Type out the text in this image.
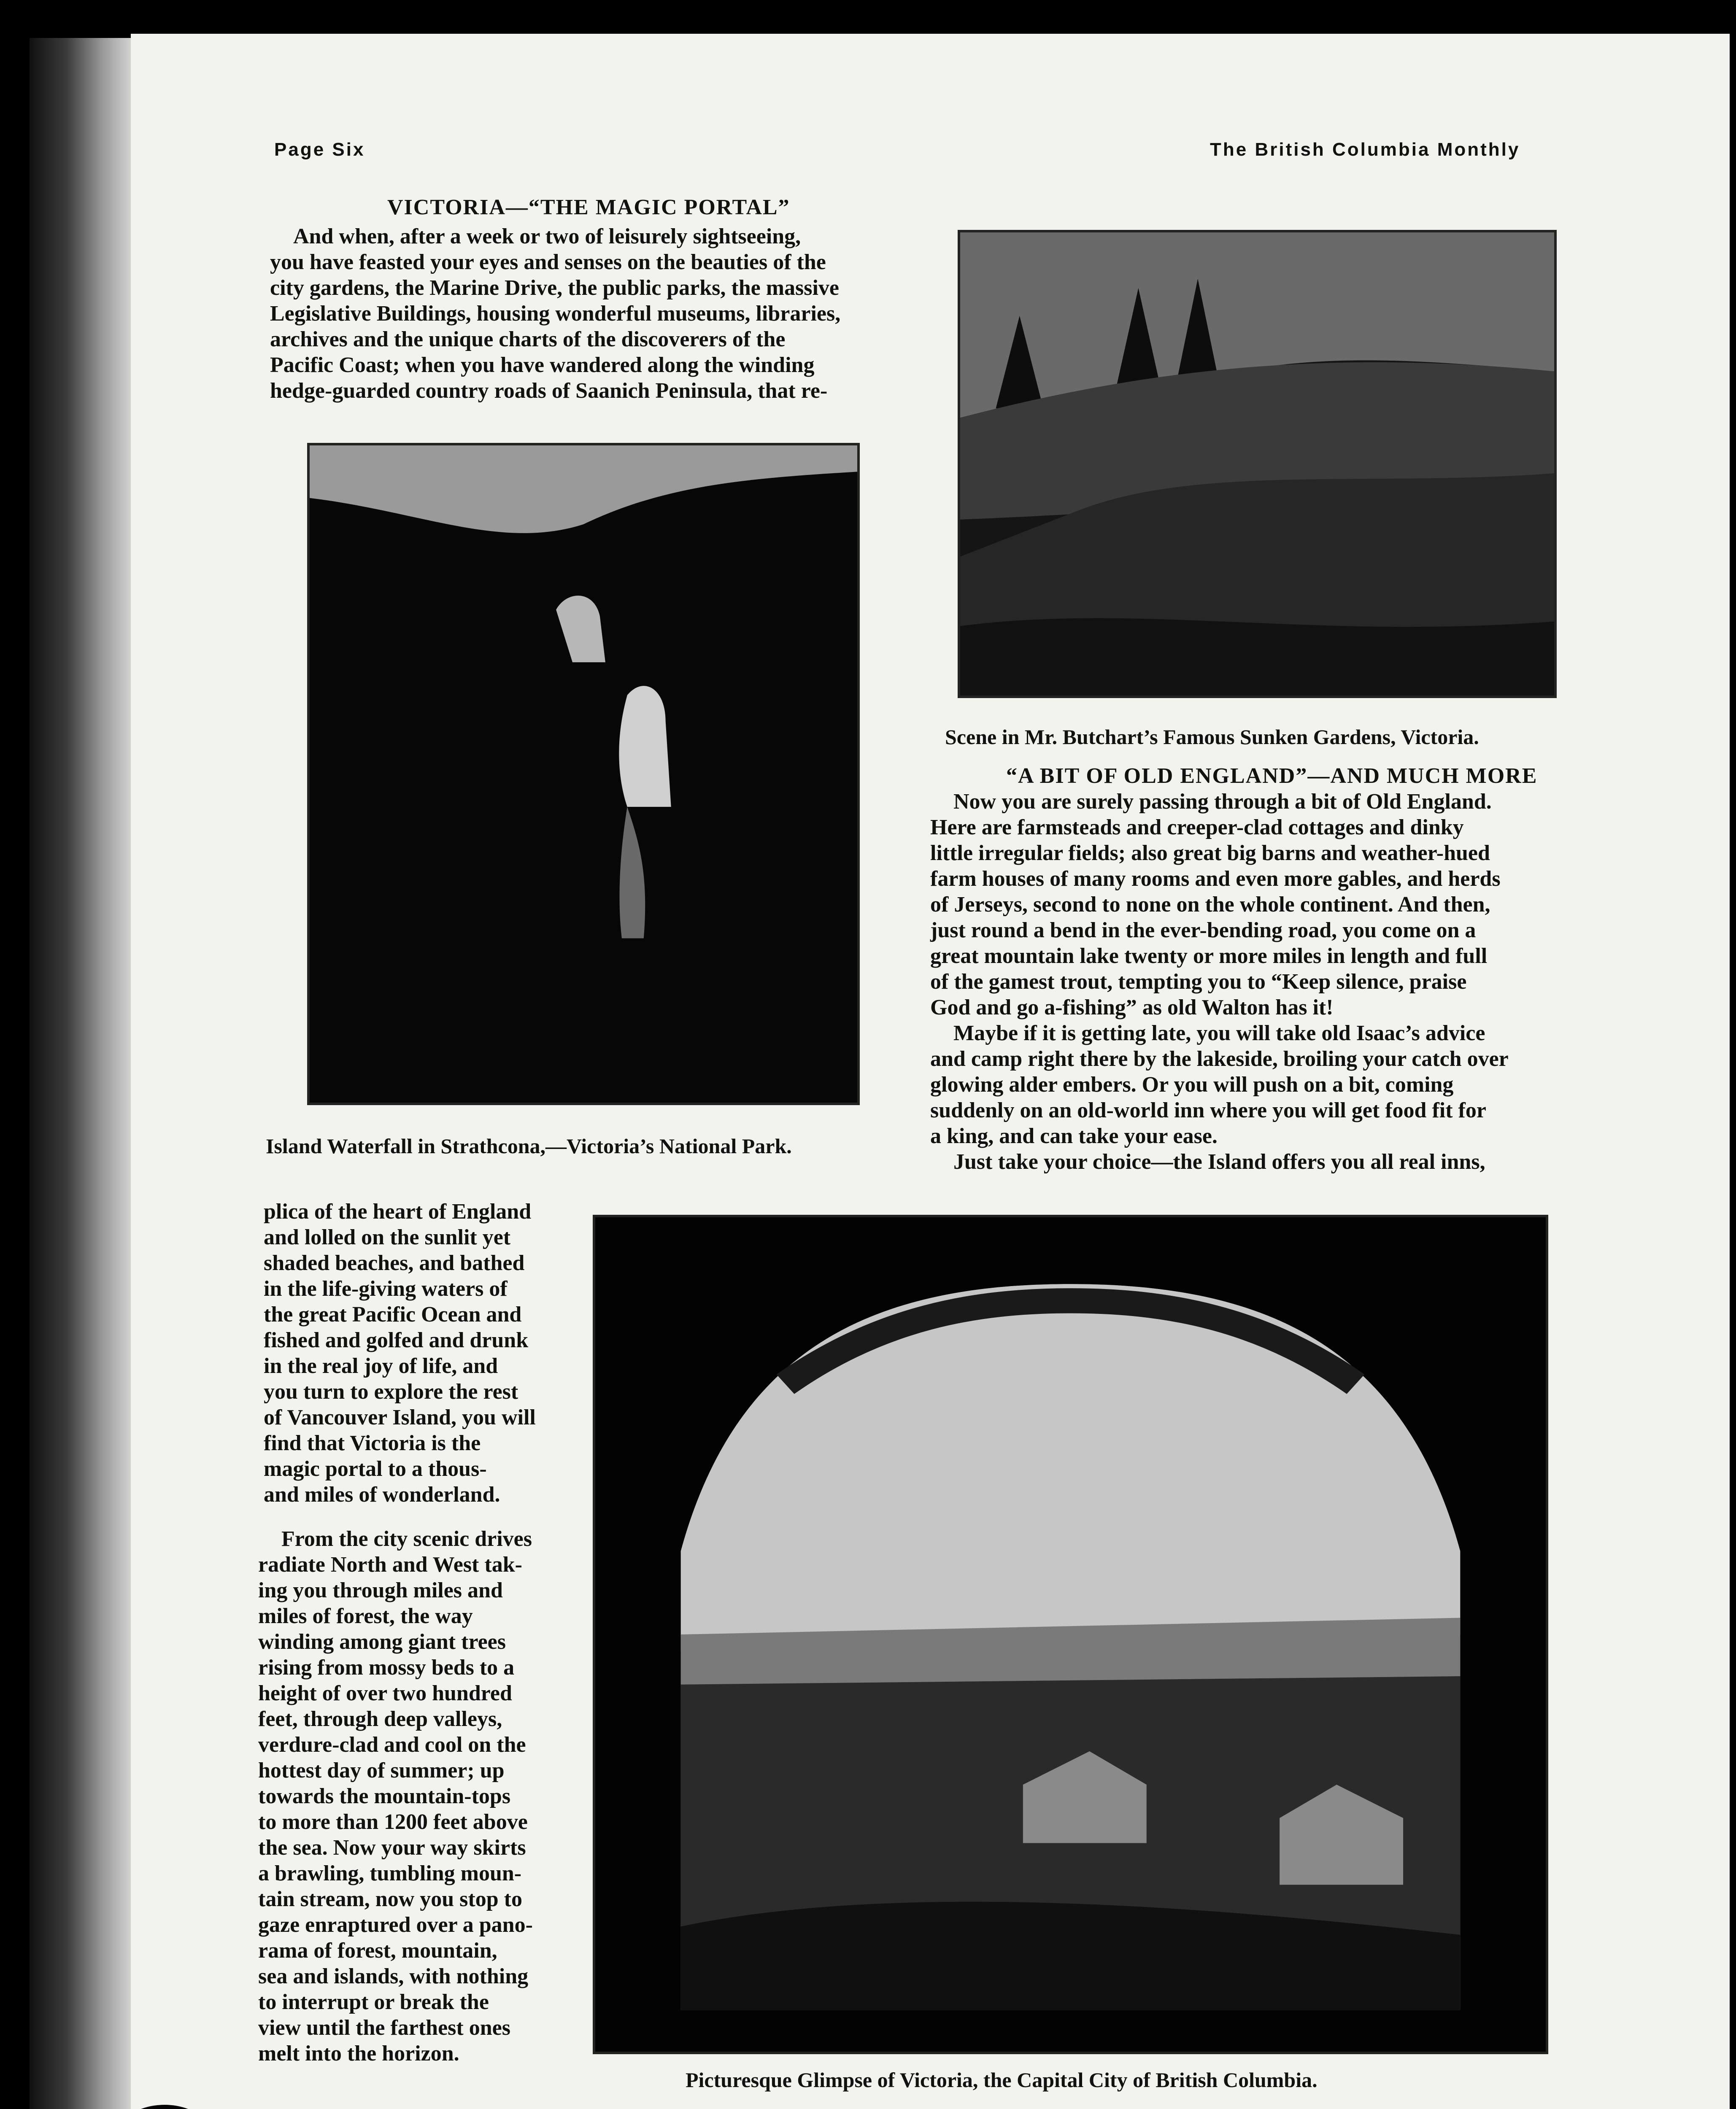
Page Six	The British Columbia Monthly
VICTORIA—“THE MAGIC PORTAL”
And when, after a week or two of leisurely sightseeing,
you have feasted your eyes and senses on the beauties of the
city gardens, the Marine Drive, the public parks, the massive
Legislative Buildings, housing wonderful museums, libraries,
archives and the unique charts of the discoverers of the
Pacific Coast; when you have wandered along the winding
hedge-guarded country roads of Saanich Peninsula, that re-
Scene in Mr. Butchart’s Famous Sunken Gardens, Victoria.
Island Waterfall in Strathcona,—Victoria’s National Park.
“A BIT OF OLD ENGLAND”—AND MUCH MORE
Now you are surely passing through a bit of Old England.
Here are farmsteads and creeper-clad cottages and dinky
little irregular fields; also great big barns and weather-hued
farm houses of many rooms and even more gables, and herds
of Jerseys, second to none on the whole continent. And then,
just round a bend in the ever-bending road, you come on a
great mountain lake twenty or more miles in length and full
of the gamest trout, tempting you to “Keep silence, praise
God and go a-fishing” as old Walton has it!
Maybe if it is getting late, you will take old Isaac’s advice
and camp right there by the lakeside, broiling your catch over
glowing alder embers. Or you will push on a bit, coming
suddenly on an old-world inn where you will get food fit for
a king, and can take your ease.
Just take your choice—the Island offers you all real inns,
plica of the heart of England
and lolled on the sunlit yet
shaded beaches, and bathed
in the life-giving waters of
the great Pacific Ocean and
fished and golfed and drunk
in the real joy of life, and
you turn to explore the rest
of Vancouver Island, you will
find that Victoria is the
magic portal to a thous-
and miles of wonderland.
From the city scenic drives
radiate North and West tak-
ing you through miles and
miles of forest, the way
winding among giant trees
rising from mossy beds to a
height of over two hundred
feet, through deep valleys,
verdure-clad and cool on the
hottest day of summer; up
towards the mountain-tops
to more than 1200 feet above
the sea. Now your way skirts
a brawling, tumbling moun-
tain stream, now you stop to
gaze enraptured over a pano-
rama of forest, mountain,
sea and islands, with nothing
to interrupt or break the
view until the farthest ones
melt into the horizon.
Picturesque Glimpse of Victoria, the Capital City of British Columbia.
